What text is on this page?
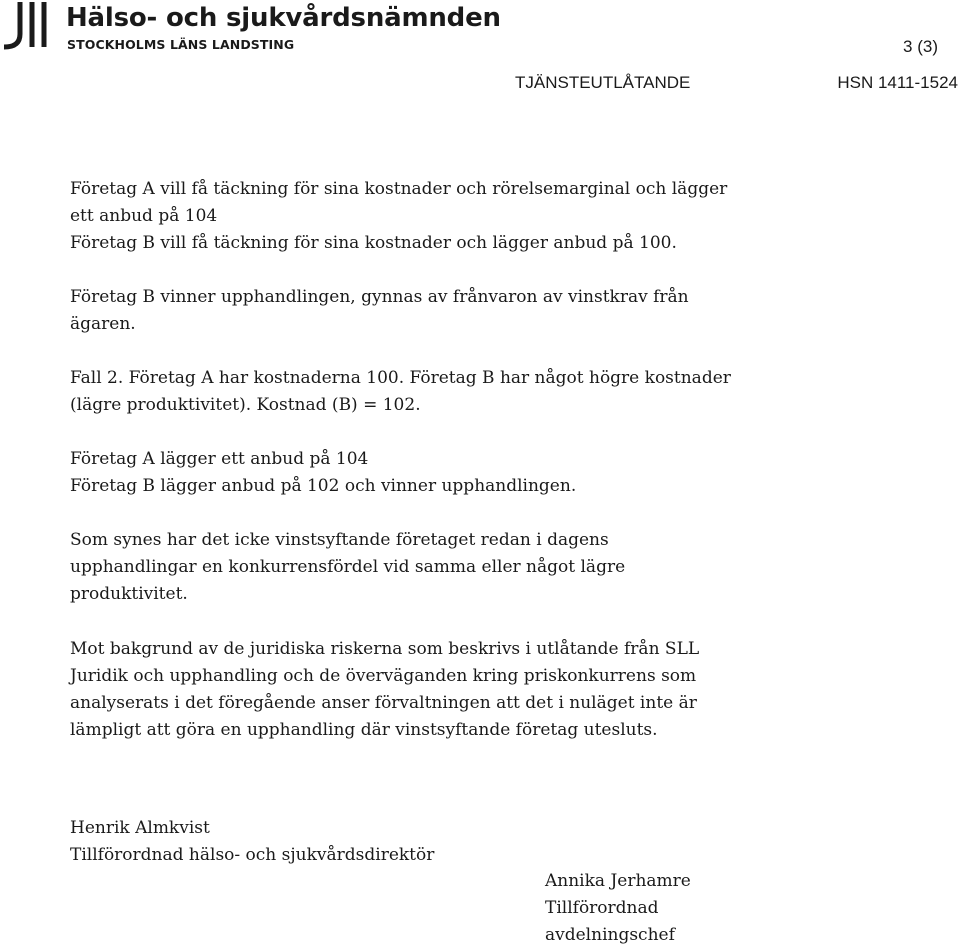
Hälso- och sjukvårdsnämnden
STOCKHOLMS LÄNS LANDSTING	3 (3)
TJÄNSTEUTLÅTANDE	HSN 1411-1524

Företag A vill få täckning för sina kostnader och rörelsemarginal och lägger

ett anbud på 104

Företag B vill få täckning för sina kostnader och lägger anbud på 100.

Företag B vinner upphandlingen, gynnas av frånvaron av vinstkrav från

ägaren.

Fall 2. Företag A har kostnaderna 100. Företag B har något högre kostnader

(lägre produktivitet). Kostnad (B) = 102.

Företag A lägger ett anbud på 104

Företag B lägger anbud på 102 och vinner upphandlingen.

Som synes har det icke vinstsyftande företaget redan i dagens

upphandlingar en konkurrensfördel vid samma eller något lägre

produktivitet.

Mot bakgrund av de juridiska riskerna som beskrivs i utlåtande från SLL

Juridik och upphandling och de överväganden kring priskonkurrens som

analyserats i det föregående anser förvaltningen att det i nuläget inte är

lämpligt att göra en upphandling där vinstsyftande företag utesluts.

Henrik Almkvist
Tillförordnad hälso- och sjukvårdsdirektör
Annika Jerhamre
Tillförordnad
avdelningschef
